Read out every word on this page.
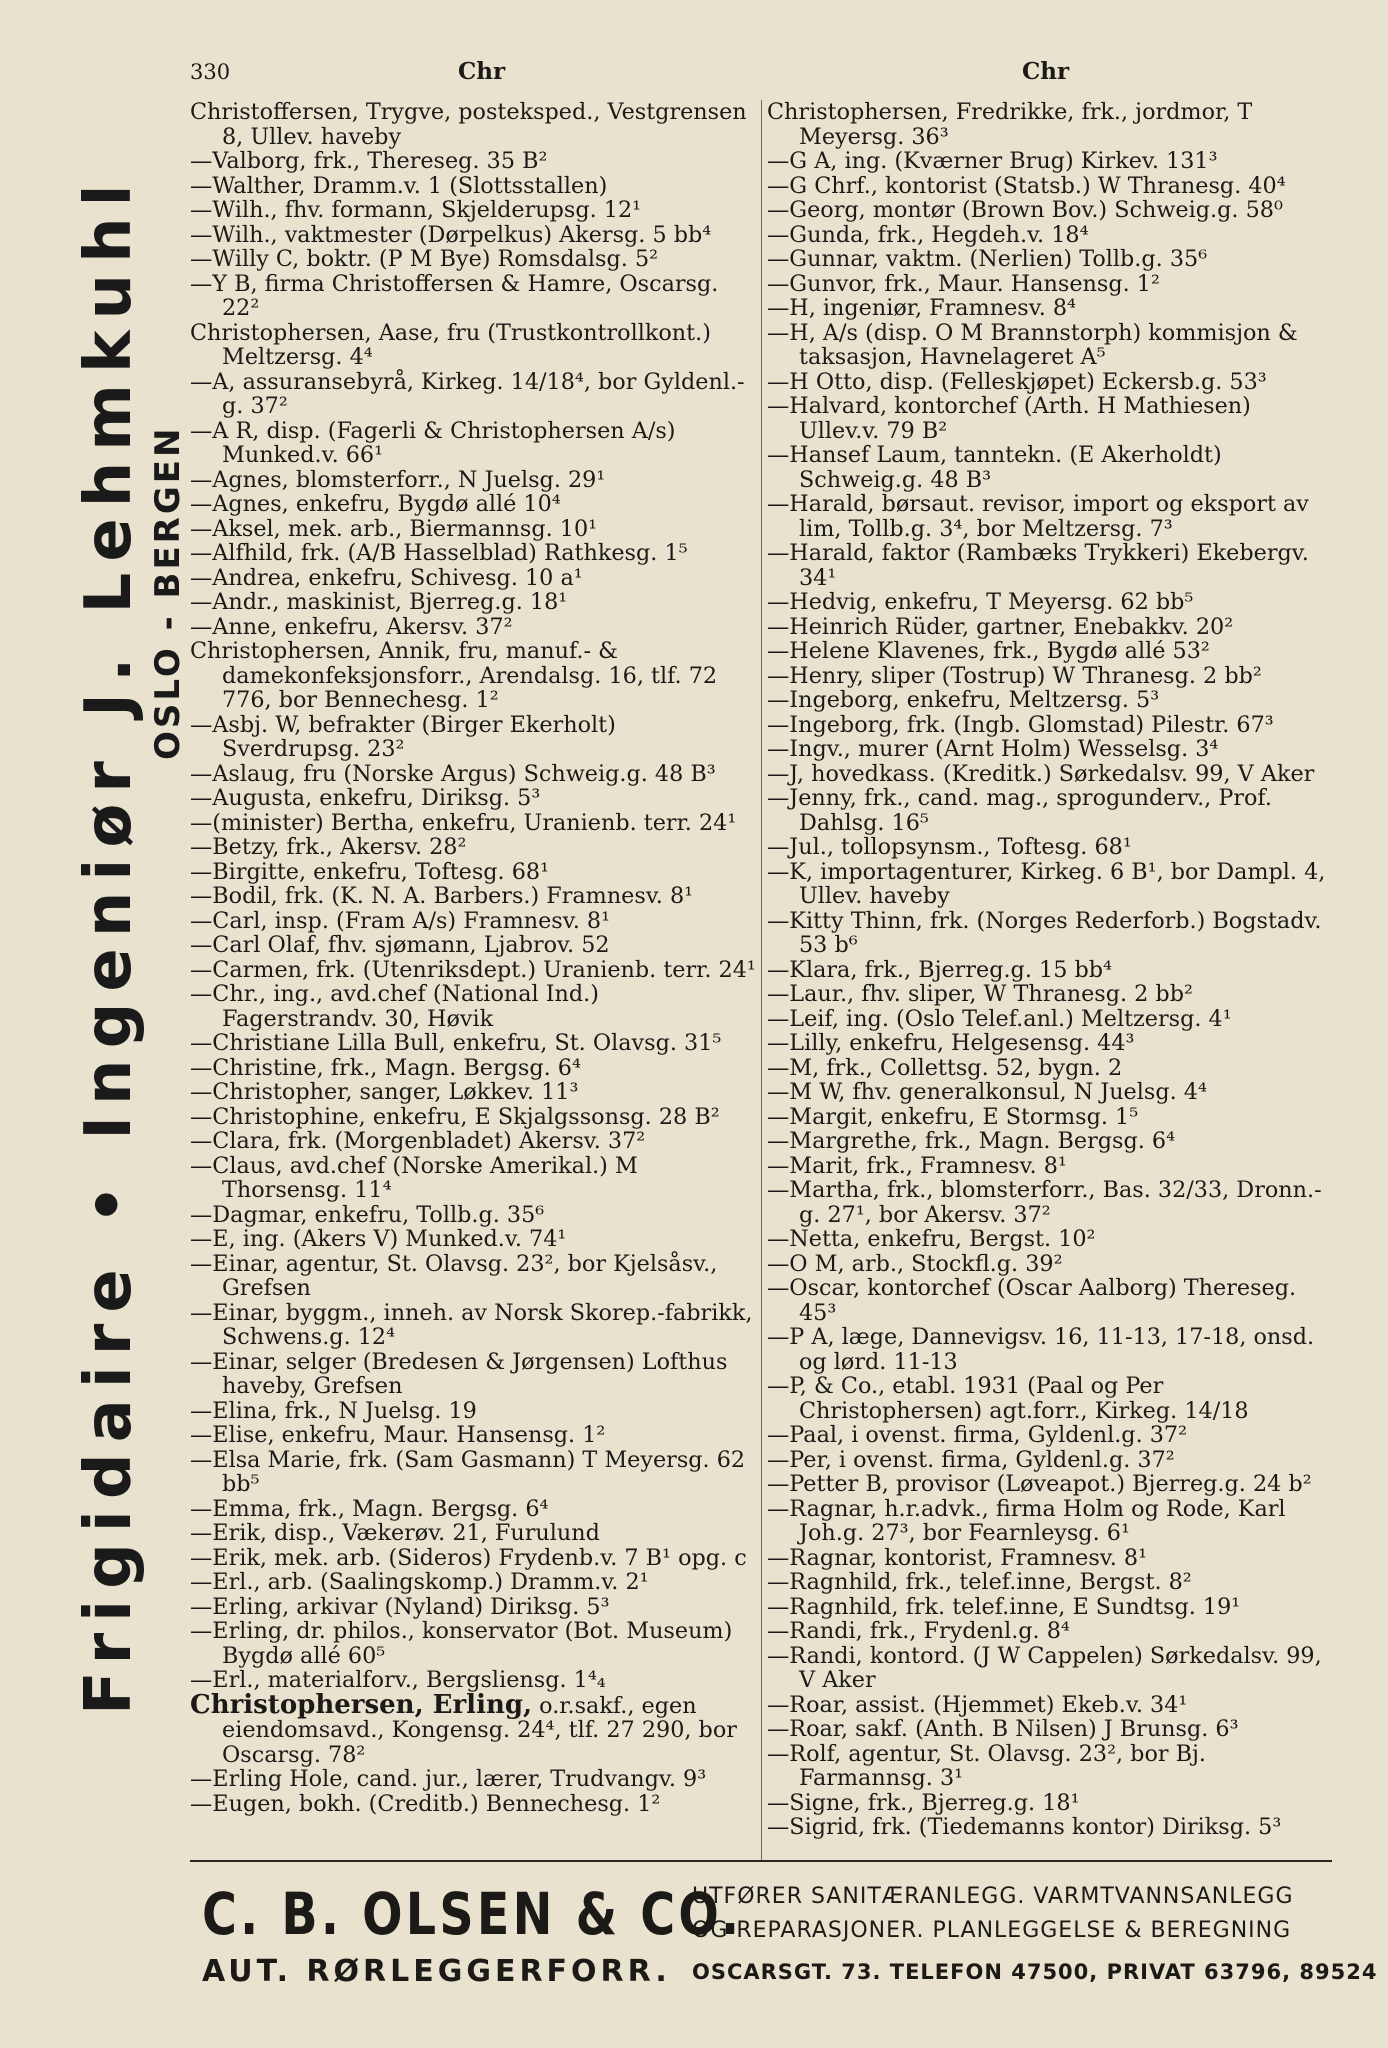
330	Chr	Chr
Frigidaire • Ingeniør J. Lehmkuhl OSLO - BERGEN
Christoffersen, Trygve, posteksped., Vestgrensen 8, Ullev. haveby
—Valborg, frk., Thereseg. 35 B²
—Walther, Dramm.v. 1 (Slottsstallen)
—Wilh., fhv. formann, Skjelderupsg. 12¹
—Wilh., vaktmester (Dørpelkus) Akersg. 5 bb⁴
—Willy C, boktr. (P M Bye) Romsdalsg. 5²
—Y B, firma Christoffersen & Hamre, Oscarsg. 22²
Christophersen, Aase, fru (Trustkontrollkont.) Meltzersg. 4⁴
—A, assuransebyrå, Kirkeg. 14/18⁴, bor Gyldenl.-g. 37²
—A R, disp. (Fagerli & Christophersen A/s) Munked.v. 66¹
—Agnes, blomsterforr., N Juelsg. 29¹
—Agnes, enkefru, Bygdø allé 10⁴
—Aksel, mek. arb., Biermannsg. 10¹
—Alfhild, frk. (A/B Hasselblad) Rathkesg. 1⁵
—Andrea, enkefru, Schivesg. 10 a¹
—Andr., maskinist, Bjerreg.g. 18¹
—Anne, enkefru, Akersv. 37²
Christophersen, Annik, fru, manuf.- & damekonfeksjonsforr., Arendalsg. 16, tlf. 72 776, bor Bennechesg. 1²
—Asbj. W, befrakter (Birger Ekerholt) Sverdrupsg. 23²
—Aslaug, fru (Norske Argus) Schweig.g. 48 B³
—Augusta, enkefru, Diriksg. 5³
—(minister) Bertha, enkefru, Uranienb. terr. 24¹
—Betzy, frk., Akersv. 28²
—Birgitte, enkefru, Toftesg. 68¹
—Bodil, frk. (K. N. A. Barbers.) Framnesv. 8¹
—Carl, insp. (Fram A/s) Framnesv. 8¹
—Carl Olaf, fhv. sjømann, Ljabrov. 52
—Carmen, frk. (Utenriksdept.) Uranienb. terr. 24¹
—Chr., ing., avd.chef (National Ind.) Fagerstrandv. 30, Høvik
—Christiane Lilla Bull, enkefru, St. Olavsg. 31⁵
—Christine, frk., Magn. Bergsg. 6⁴
—Christopher, sanger, Løkkev. 11³
—Christophine, enkefru, E Skjalgssonsg. 28 B²
—Clara, frk. (Morgenbladet) Akersv. 37²
—Claus, avd.chef (Norske Amerikal.) M Thorsensg. 11⁴
—Dagmar, enkefru, Tollb.g. 35⁶
—E, ing. (Akers V) Munked.v. 74¹
—Einar, agentur, St. Olavsg. 23², bor Kjelsåsv., Grefsen
—Einar, byggm., inneh. av Norsk Skorep.-fabrikk, Schwens.g. 12⁴
—Einar, selger (Bredesen & Jørgensen) Lofthus haveby, Grefsen
—Elina, frk., N Juelsg. 19
—Elise, enkefru, Maur. Hansensg. 1²
—Elsa Marie, frk. (Sam Gasmann) T Meyersg. 62 bb⁵
—Emma, frk., Magn. Bergsg. 6⁴
—Erik, disp., Vækerøv. 21, Furulund
—Erik, mek. arb. (Sideros) Frydenb.v. 7 B¹ opg. c
—Erl., arb. (Saalingskomp.) Dramm.v. 2¹
—Erling, arkivar (Nyland) Diriksg. 5³
—Erling, dr. philos., konservator (Bot. Museum) Bygdø allé 60⁵
—Erl., materialforv., Bergsliensg. 1⁴₄
Christophersen, Erling, o.r.sakf., egen eiendomsavd., Kongensg. 24⁴, tlf. 27 290, bor Oscarsg. 78²
—Erling Hole, cand. jur., lærer, Trudvangv. 9³
—Eugen, bokh. (Creditb.) Bennechesg. 1²
Christophersen, Fredrikke, frk., jordmor, T Meyersg. 36³
—G A, ing. (Kværner Brug) Kirkev. 131³
—G Chrf., kontorist (Statsb.) W Thranesg. 40⁴
—Georg, montør (Brown Bov.) Schweig.g. 58⁰
—Gunda, frk., Hegdeh.v. 18⁴
—Gunnar, vaktm. (Nerlien) Tollb.g. 35⁶
—Gunvor, frk., Maur. Hansensg. 1²
—H, ingeniør, Framnesv. 8⁴
—H, A/s (disp. O M Brannstorph) kommisjon & taksasjon, Havnelageret A⁵
—H Otto, disp. (Felleskjøpet) Eckersb.g. 53³
—Halvard, kontorchef (Arth. H Mathiesen) Ullev.v. 79 B²
—Hansef Laum, tanntekn. (E Akerholdt) Schweig.g. 48 B³
—Harald, børsaut. revisor, import og eksport av lim, Tollb.g. 3⁴, bor Meltzersg. 7³
—Harald, faktor (Rambæks Trykkeri) Ekebergv. 34¹
—Hedvig, enkefru, T Meyersg. 62 bb⁵
—Heinrich Rüder, gartner, Enebakkv. 20²
—Helene Klavenes, frk., Bygdø allé 53²
—Henry, sliper (Tostrup) W Thranesg. 2 bb²
—Ingeborg, enkefru, Meltzersg. 5³
—Ingeborg, frk. (Ingb. Glomstad) Pilestr. 67³
—Ingv., murer (Arnt Holm) Wesselsg. 3⁴
—J, hovedkass. (Kreditk.) Sørkedalsv. 99, V Aker
—Jenny, frk., cand. mag., sprogunderv., Prof. Dahlsg. 16⁵
—Jul., tollopsynsm., Toftesg. 68¹
—K, importagenturer, Kirkeg. 6 B¹, bor Dampl. 4, Ullev. haveby
—Kitty Thinn, frk. (Norges Rederforb.) Bogstadv. 53 b⁶
—Klara, frk., Bjerreg.g. 15 bb⁴
—Laur., fhv. sliper, W Thranesg. 2 bb²
—Leif, ing. (Oslo Telef.anl.) Meltzersg. 4¹
—Lilly, enkefru, Helgesensg. 44³
—M, frk., Collettsg. 52, bygn. 2
—M W, fhv. generalkonsul, N Juelsg. 4⁴
—Margit, enkefru, E Stormsg. 1⁵
—Margrethe, frk., Magn. Bergsg. 6⁴
—Marit, frk., Framnesv. 8¹
—Martha, frk., blomsterforr., Bas. 32/33, Dronn.-g. 27¹, bor Akersv. 37²
—Netta, enkefru, Bergst. 10²
—O M, arb., Stockfl.g. 39²
—Oscar, kontorchef (Oscar Aalborg) Thereseg. 45³
—P A, læge, Dannevigsv. 16, 11-13, 17-18, onsd. og lørd. 11-13
—P, & Co., etabl. 1931 (Paal og Per Christophersen) agt.forr., Kirkeg. 14/18
—Paal, i ovenst. firma, Gyldenl.g. 37²
—Per, i ovenst. firma, Gyldenl.g. 37²
—Petter B, provisor (Løveapot.) Bjerreg.g. 24 b²
—Ragnar, h.r.advk., firma Holm og Rode, Karl Joh.g. 27³, bor Fearnleysg. 6¹
—Ragnar, kontorist, Framnesv. 8¹
—Ragnhild, frk., telef.inne, Bergst. 8²
—Ragnhild, frk. telef.inne, E Sundtsg. 19¹
—Randi, frk., Frydenl.g. 8⁴
—Randi, kontord. (J W Cappelen) Sørkedalsv. 99, V Aker
—Roar, assist. (Hjemmet) Ekeb.v. 34¹
—Roar, sakf. (Anth. B Nilsen) J Brunsg. 6³
—Rolf, agentur, St. Olavsg. 23², bor Bj. Farmannsg. 3¹
—Signe, frk., Bjerreg.g. 18¹
—Sigrid, frk. (Tiedemanns kontor) Diriksg. 5³
C. B. OLSEN & CO.
AUT. RØRLEGGERFORR.
UTFØRER SANITÆRANLEGG. VARMTVANNSANLEGG
OG REPARASJONER. PLANLEGGELSE & BEREGNING
OSCARSGT. 73. TELEFON 47500, PRIVAT 63796, 89524
